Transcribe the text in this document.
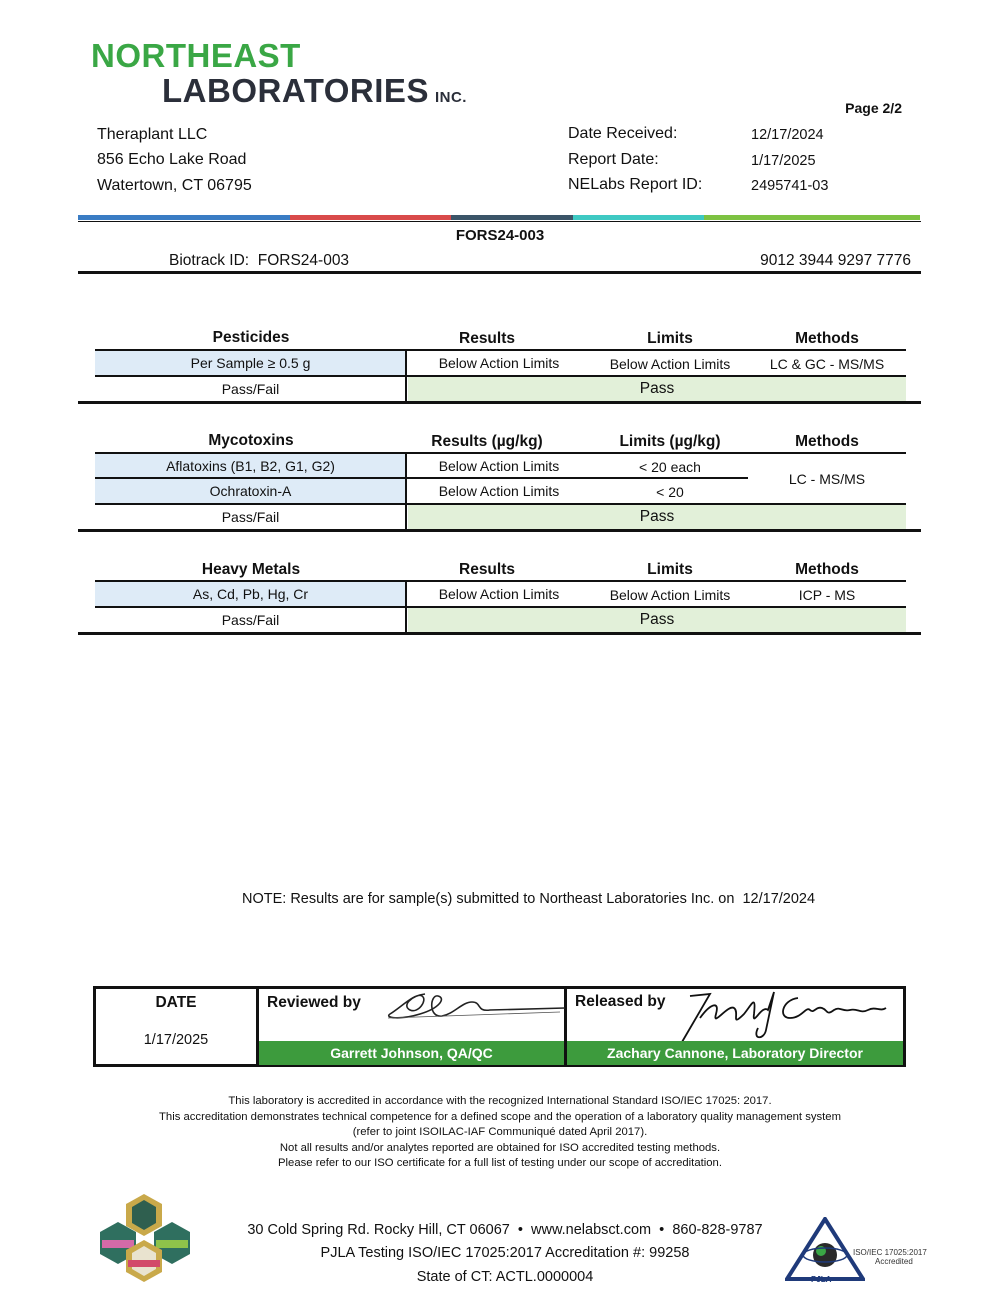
NORTHEAST
LABORATORIES INC.
Page 2/2
Theraplant LLC
856 Echo Lake Road
Watertown, CT 06795
Date Received:	12/17/2024
Report Date:	1/17/2025
NELabs Report ID:	2495741-03
FORS24-003
Biotrack ID: FORS24-003	9012 3944 9297 7776
Pesticides	Results	Limits	Methods
Per Sample ≥ 0.5 g	Below Action Limits	Below Action Limits	LC & GC - MS/MS
Pass/Fail	Pass
Mycotoxins	Results (µg/kg)	Limits (µg/kg)	Methods
Aflatoxins (B1, B2, G1, G2)	Below Action Limits	< 20 each
Ochratoxin-A	Below Action Limits	< 20
LC - MS/MS
Pass/Fail	Pass
Heavy Metals	Results	Limits	Methods
As, Cd, Pb, Hg, Cr	Below Action Limits	Below Action Limits	ICP - MS
Pass/Fail	Pass
NOTE: Results are for sample(s) submitted to Northeast Laboratories Inc. on 12/17/2024
DATE
1/17/2025
Reviewed by	Released by
Garrett Johnson, QA/QC	Zachary Cannone, Laboratory Director
This laboratory is accredited in accordance with the recognized International Standard ISO/IEC 17025: 2017.
This accreditation demonstrates technical competence for a defined scope and the operation of a laboratory quality management system
(refer to joint ISOILAC-IAF Communiqué dated April 2017).
Not all results and/or analytes reported are obtained for ISO accredited testing methods.
Please refer to our ISO certificate for a full list of testing under our scope of accreditation.
30 Cold Spring Rd. Rocky Hill, CT 06067  •  www.nelabsct.com  •  860-828-9787
PJLA Testing ISO/IEC 17025:2017 Accreditation #: 99258
State of CT: ACTL.0000004
ISO/IEC 17025:2017
Accredited
PJLA
